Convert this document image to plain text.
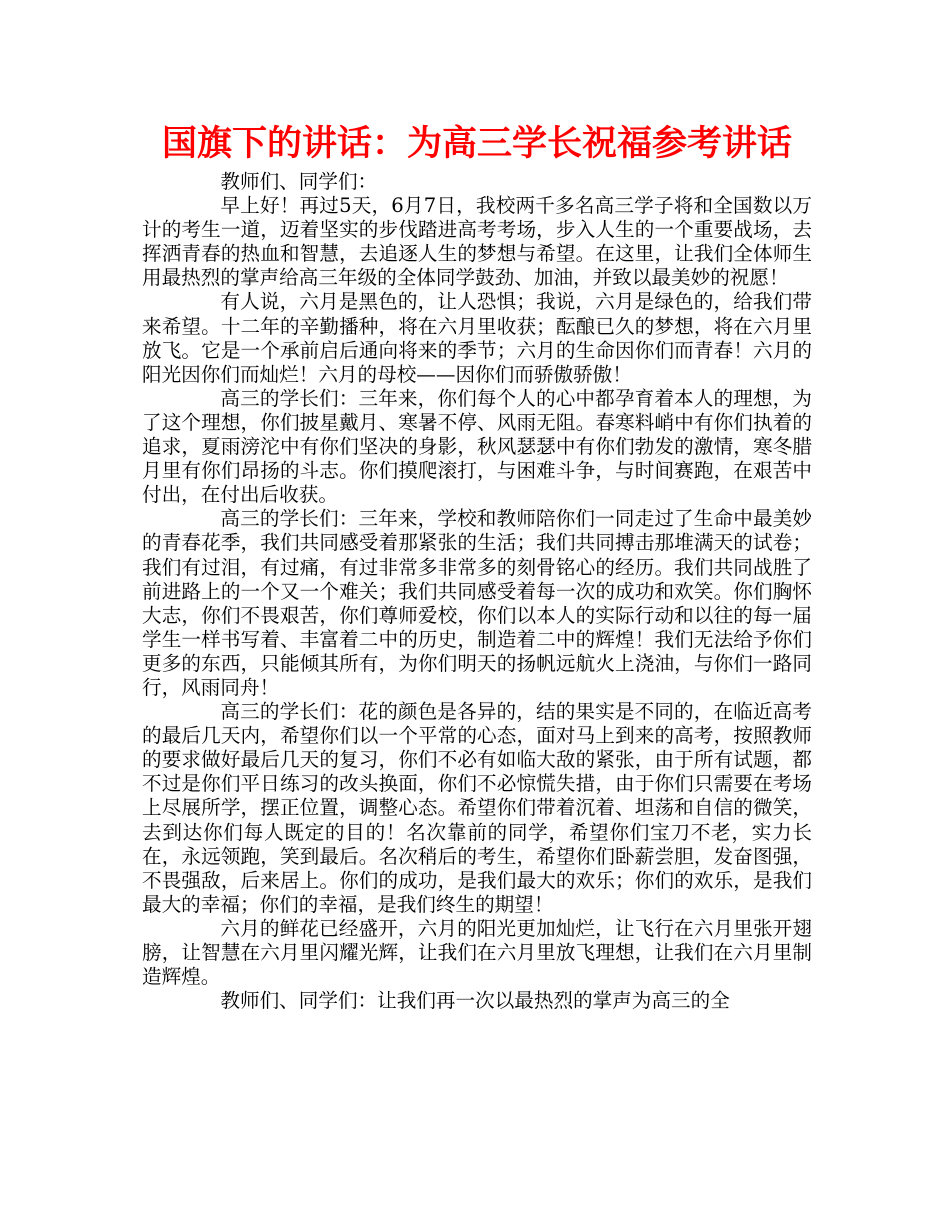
国旗下的讲话：为高三学长祝福参考讲话

教师们、同学们：

早上好！再过5天，6月7日，我校两千多名高三学子将和全国数以万计的考生一道，迈着坚实的步伐踏进高考考场，步入人生的一个重要战场，去挥洒青春的热血和智慧，去追逐人生的梦想与希望。在这里，让我们全体师生用最热烈的掌声给高三年级的全体同学鼓劲、加油，并致以最美妙的祝愿！

有人说，六月是黑色的，让人恐惧；我说，六月是绿色的，给我们带来希望。十二年的辛勤播种，将在六月里收获；酝酿已久的梦想，将在六月里放飞。它是一个承前启后通向将来的季节；六月的生命因你们而青春！六月的阳光因你们而灿烂！六月的母校——因你们而骄傲骄傲！

高三的学长们：三年来，你们每个人的心中都孕育着本人的理想，为了这个理想，你们披星戴月、寒暑不停、风雨无阻。春寒料峭中有你们执着的追求，夏雨滂沱中有你们坚决的身影，秋风瑟瑟中有你们勃发的激情，寒冬腊月里有你们昂扬的斗志。你们摸爬滚打，与困难斗争，与时间赛跑，在艰苦中付出，在付出后收获。

高三的学长们：三年来，学校和教师陪你们一同走过了生命中最美妙的青春花季，我们共同感受着那紧张的生活；我们共同搏击那堆满天的试卷；我们有过泪，有过痛，有过非常多非常多的刻骨铭心的经历。我们共同战胜了前进路上的一个又一个难关；我们共同感受着每一次的成功和欢笑。你们胸怀大志，你们不畏艰苦，你们尊师爱校，你们以本人的实际行动和以往的每一届学生一样书写着、丰富着二中的历史，制造着二中的辉煌！我们无法给予你们更多的东西，只能倾其所有，为你们明天的扬帆远航火上浇油，与你们一路同行，风雨同舟！

高三的学长们：花的颜色是各异的，结的果实是不同的，在临近高考的最后几天内，希望你们以一个平常的心态，面对马上到来的高考，按照教师的要求做好最后几天的复习，你们不必有如临大敌的紧张，由于所有试题，都不过是你们平日练习的改头换面，你们不必惊慌失措，由于你们只需要在考场上尽展所学，摆正位置，调整心态。希望你们带着沉着、坦荡和自信的微笑，去到达你们每人既定的目的！名次靠前的同学，希望你们宝刀不老，实力长在，永远领跑，笑到最后。名次稍后的考生，希望你们卧薪尝胆，发奋图强，不畏强敌，后来居上。你们的成功，是我们最大的欢乐；你们的欢乐，是我们最大的幸福；你们的幸福，是我们终生的期望！

六月的鲜花已经盛开，六月的阳光更加灿烂，让飞行在六月里张开翅膀，让智慧在六月里闪耀光辉，让我们在六月里放飞理想，让我们在六月里制造辉煌。

教师们、同学们：让我们再一次以最热烈的掌声为高三的全
